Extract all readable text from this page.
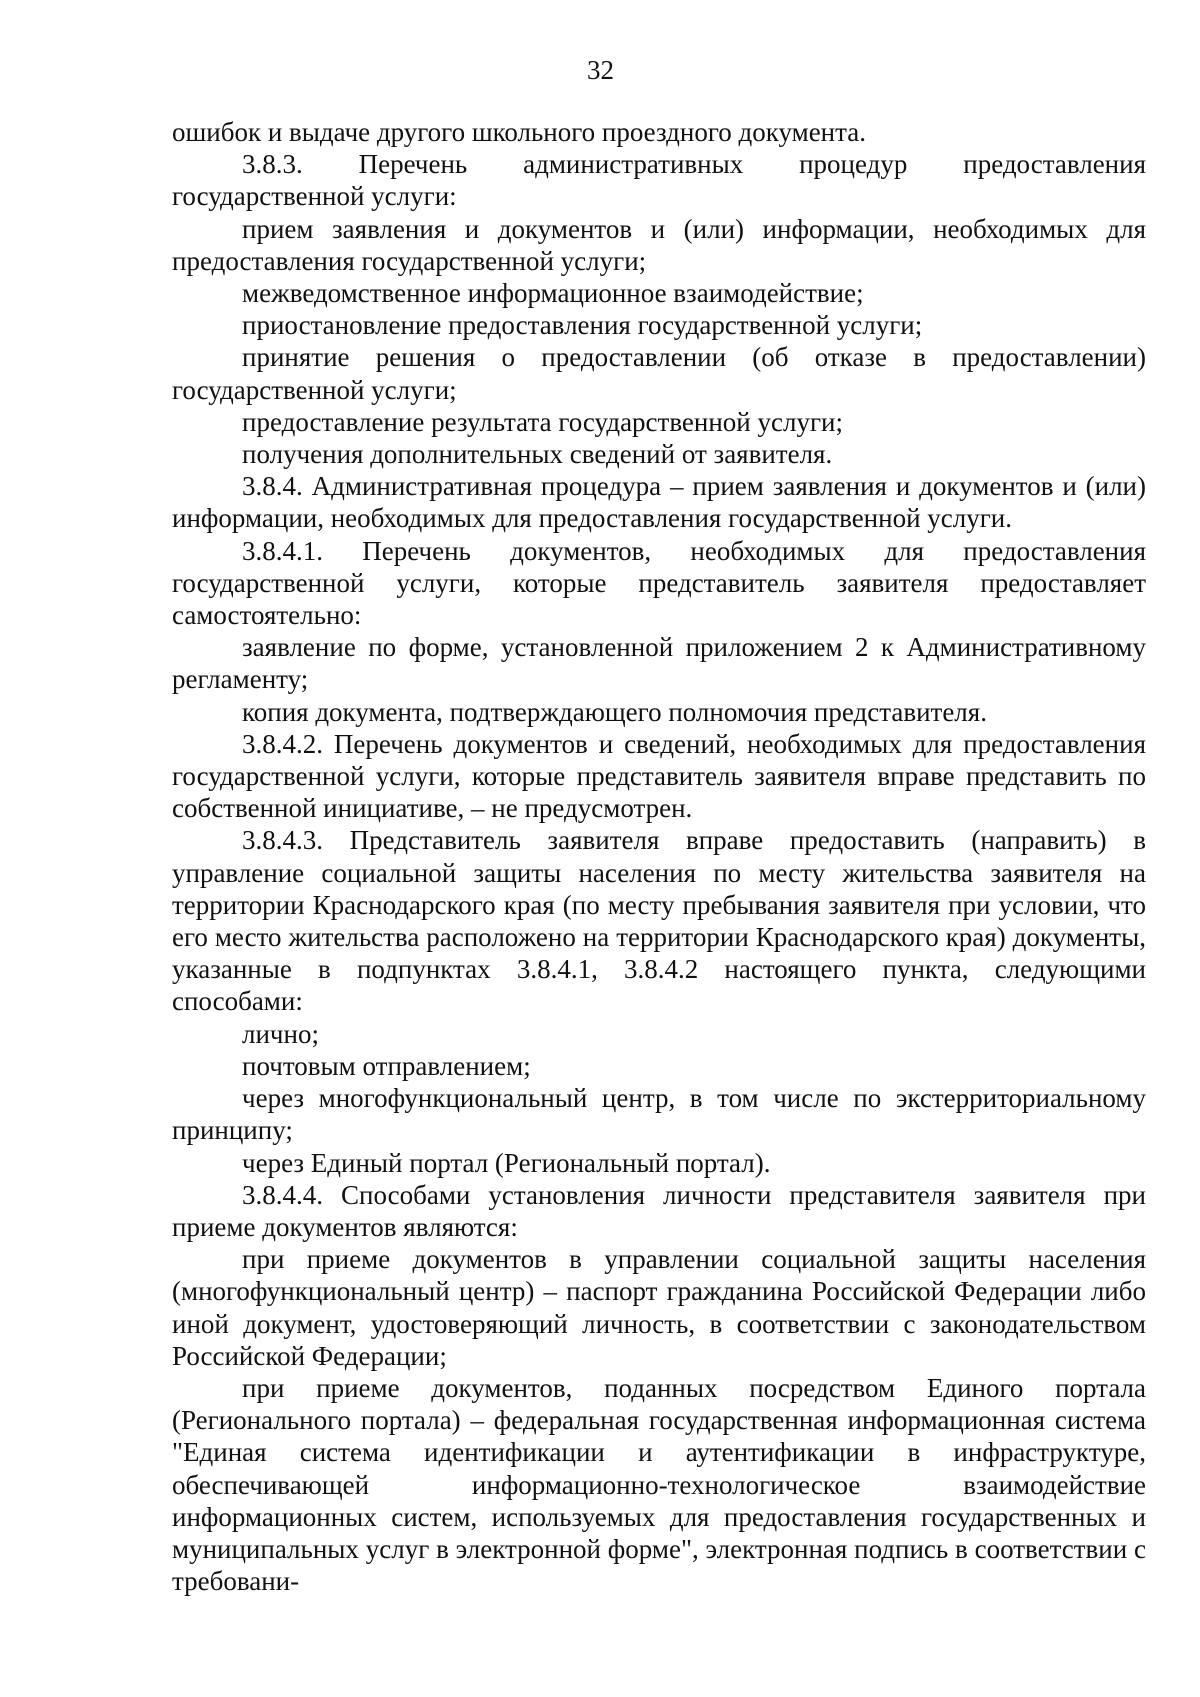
32

ошибок и выдаче другого школьного проездного документа.

3.8.3. Перечень административных процедур предоставления государственной услуги:

прием заявления и документов и (или) информации, необходимых для предоставления государственной услуги;

межведомственное информационное взаимодействие;

приостановление предоставления государственной услуги;

принятие решения о предоставлении (об отказе в предоставлении) государственной услуги;

предоставление результата государственной услуги;

получения дополнительных сведений от заявителя.

3.8.4. Административная процедура – прием заявления и документов и (или) информации, необходимых для предоставления государственной услуги.

3.8.4.1. Перечень документов, необходимых для предоставления государственной услуги, которые представитель заявителя предоставляет самостоятельно:

заявление по форме, установленной приложением 2 к Административному регламенту;

копия документа, подтверждающего полномочия представителя.

3.8.4.2. Перечень документов и сведений, необходимых для предоставления государственной услуги, которые представитель заявителя вправе представить по собственной инициативе, – не предусмотрен.

3.8.4.3. Представитель заявителя вправе предоставить (направить) в управление социальной защиты населения по месту жительства заявителя на территории Краснодарского края (по месту пребывания заявителя при условии, что его место жительства расположено на территории Краснодарского края) документы, указанные в подпунктах 3.8.4.1, 3.8.4.2 настоящего пункта, следующими способами:

лично;

почтовым отправлением;

через многофункциональный центр, в том числе по экстерриториальному принципу;

через Единый портал (Региональный портал).

3.8.4.4. Способами установления личности представителя заявителя при приеме документов являются:

при приеме документов в управлении социальной защиты населения (многофункциональный центр) – паспорт гражданина Российской Федерации либо иной документ, удостоверяющий личность, в соответствии с законодательством Российской Федерации;

при приеме документов, поданных посредством Единого портала (Регионального портала) – федеральная государственная информационная система "Единая система идентификации и аутентификации в инфраструктуре, обеспечивающей информационно-технологическое взаимодействие информационных систем, используемых для предоставления государственных и муниципальных услуг в электронной форме", электронная подпись в соответствии с требовани-
